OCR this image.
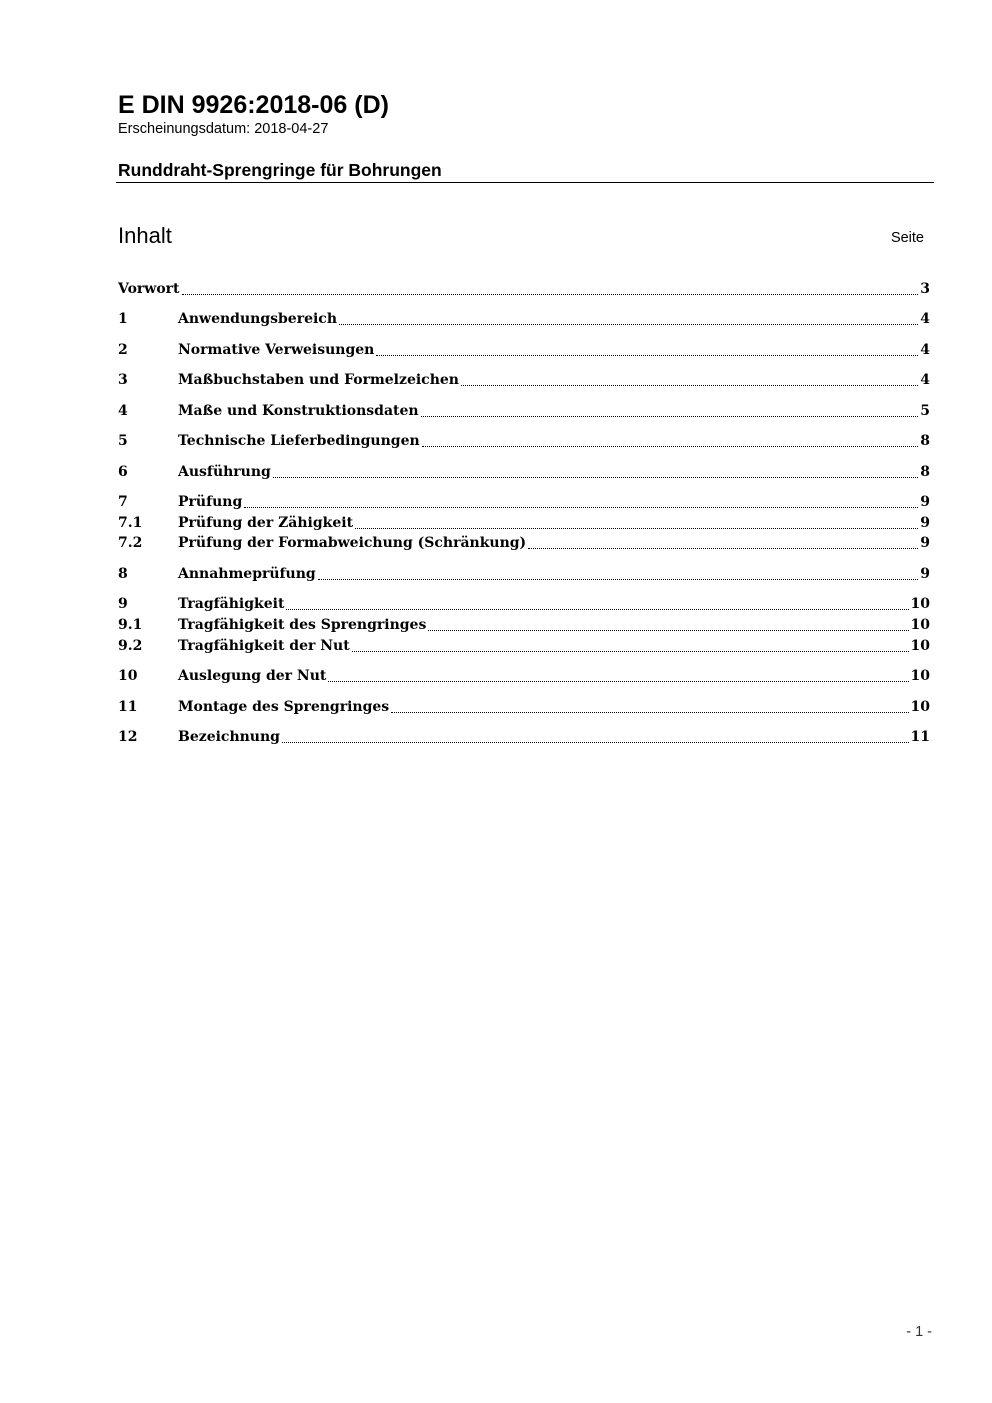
E DIN 9926:2018-06 (D)
Erscheinungsdatum: 2018-04-27
Runddraht-Sprengringe für Bohrungen
Inhalt	Seite
Vorwort	3
1	Anwendungsbereich	4
2	Normative Verweisungen	4
3	Maßbuchstaben und Formelzeichen	4
4	Maße und Konstruktionsdaten	5
5	Technische Lieferbedingungen	8
6	Ausführung	8
7	Prüfung	9
7.1	Prüfung der Zähigkeit	9
7.2	Prüfung der Formabweichung (Schränkung)	9
8	Annahmeprüfung	9
9	Tragfähigkeit	10
9.1	Tragfähigkeit des Sprengringes	10
9.2	Tragfähigkeit der Nut	10
10	Auslegung der Nut	10
11	Montage des Sprengringes	10
12	Bezeichnung	11
- 1 -
